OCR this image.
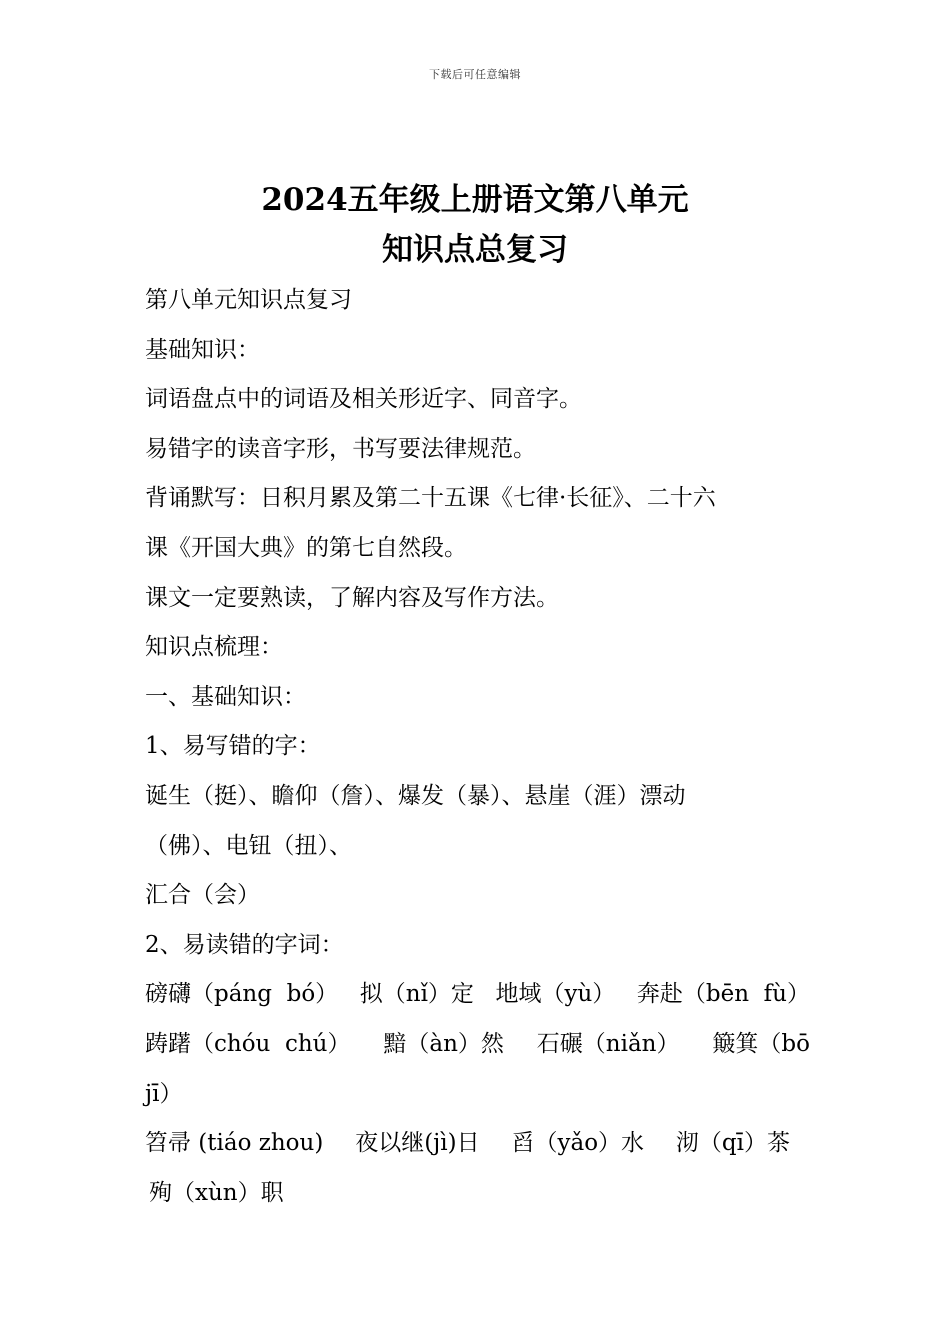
下载后可任意编辑
2024五年级上册语文第八单元
知识点总复习
第八单元知识点复习
基础知识：
词语盘点中的词语及相关形近字、同音字。
易错字的读音字形，书写要法律规范。
背诵默写：日积月累及第二十五课《七律·长征》、二十六
课《开国大典》的第七自然段。
课文一定要熟读，了解内容及写作方法。
知识点梳理：
一、基础知识：
1、易写错的字：
诞生（挺）、瞻仰（詹）、爆发（暴）、悬崖（涯）漂动
（佛）、电钮（扭）、
汇合（会）
2、易读错的字词：
磅礴（páng  bó） 拟（nǐ）定 地域（yù） 奔赴（bēn  fù）
踌躇（chóu  chú） 黯（àn）然 石碾（niǎn） 簸箕（bō
jī）
笤帚 (tiáo zhou) 夜以继(jì)日 舀（yǎo）水 沏（qī）茶
殉（xùn）职
